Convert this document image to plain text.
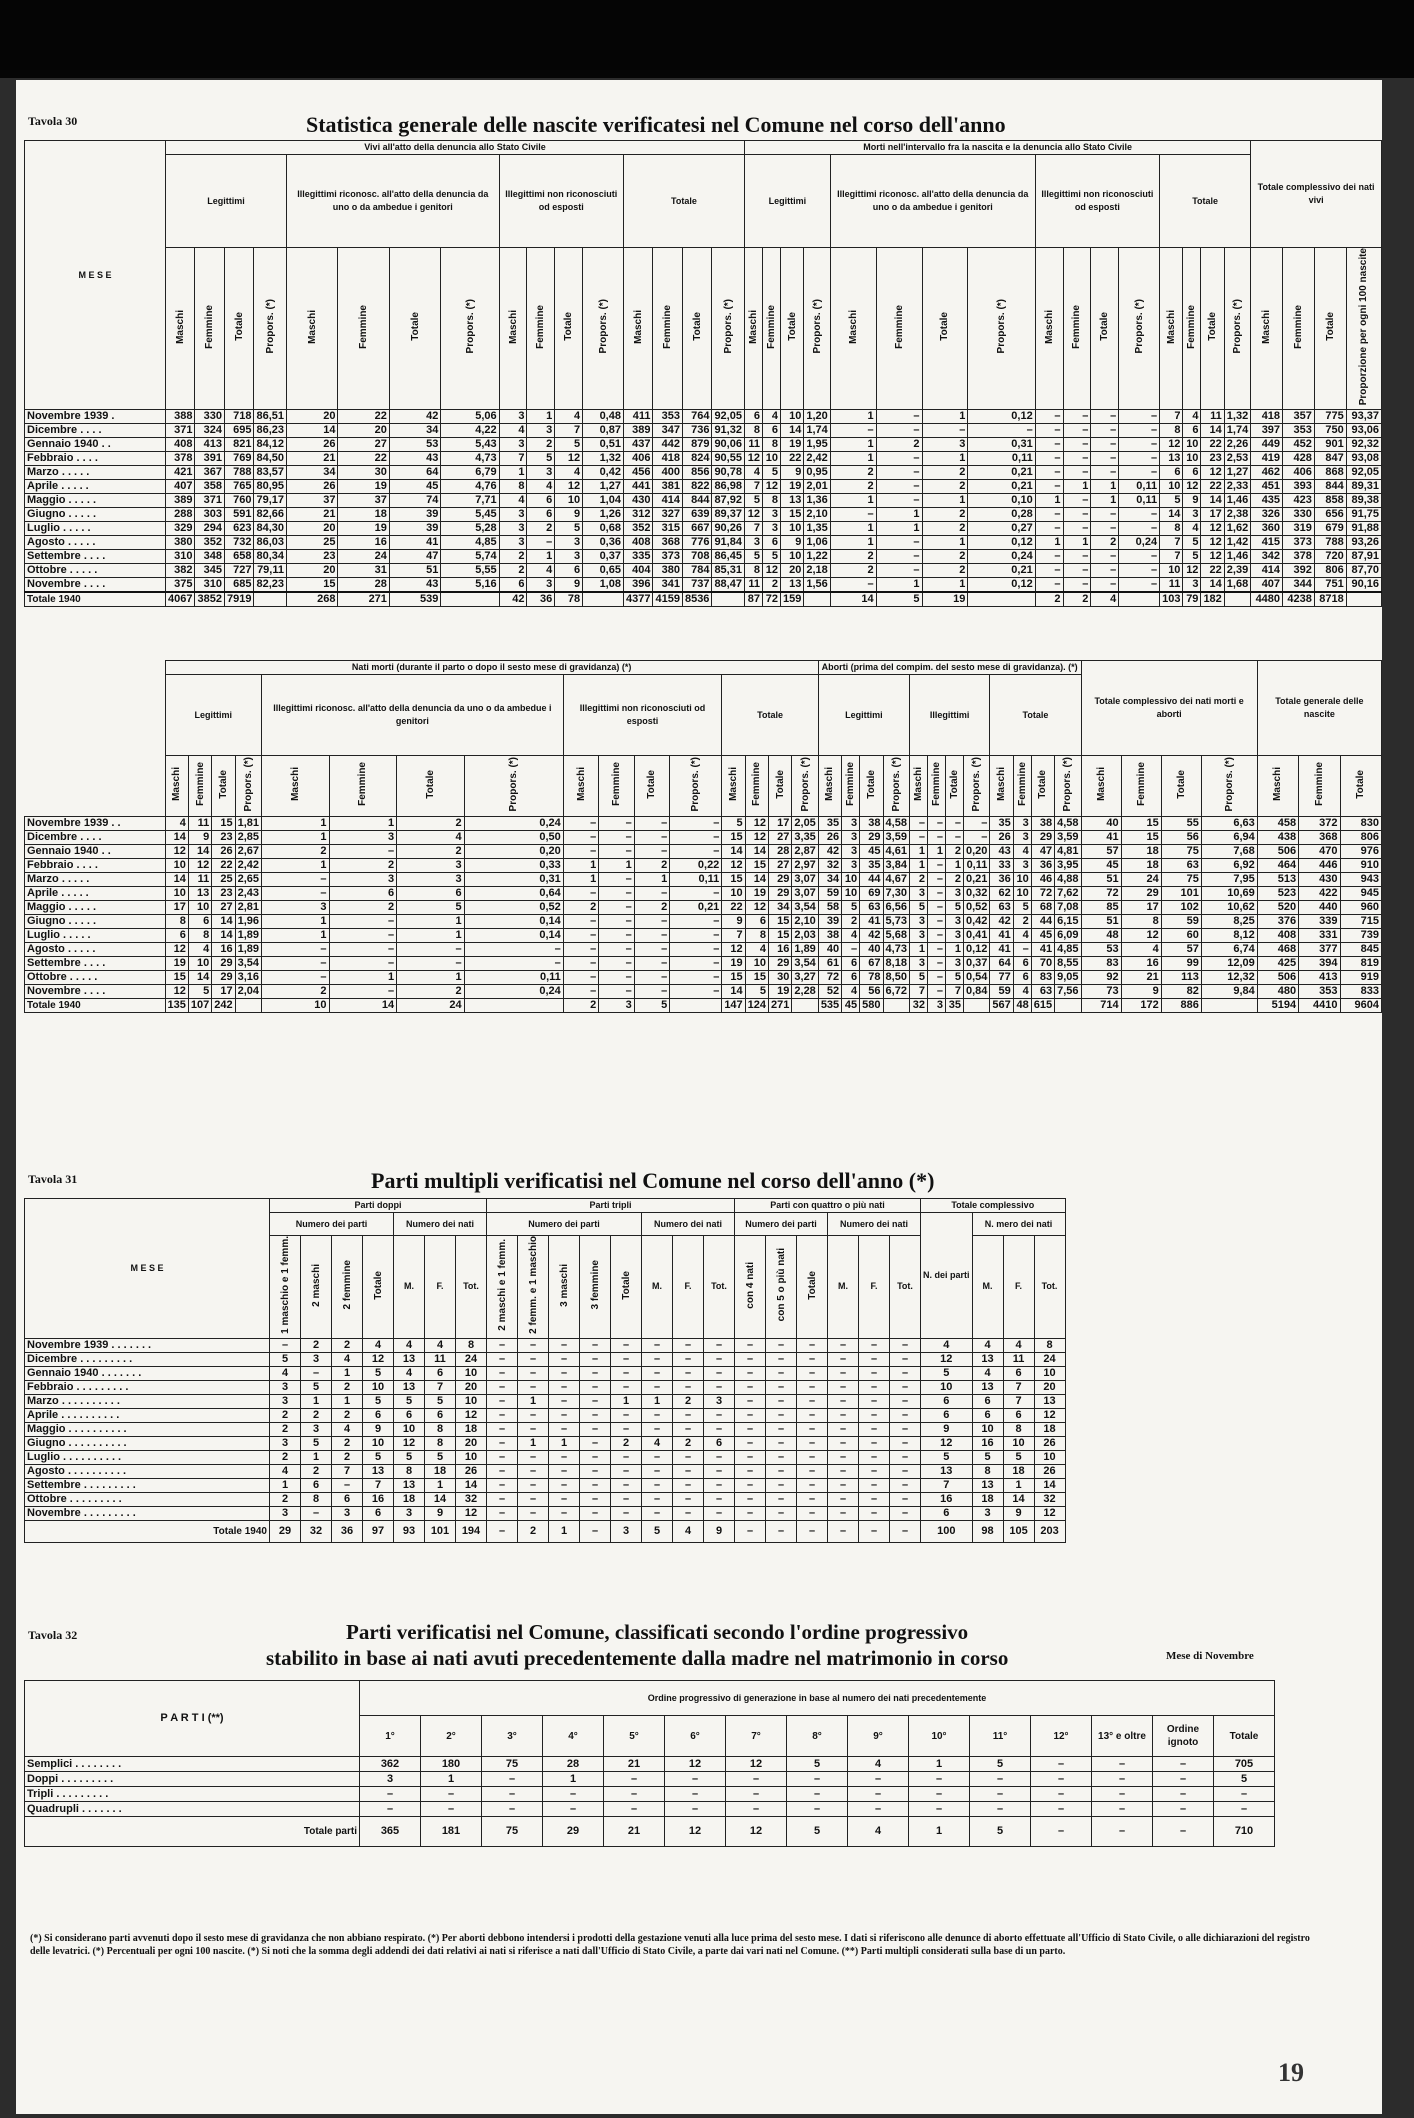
Tavola 30	Statistica generale delle nascite verificatesi nel Comune nel corso dell'anno
M E S E	Vivi all'atto della denuncia allo Stato Civile																Morti nell'intervallo fra la nascita e la denuncia allo Stato Civile																Totale complessivo dei nati vivi			
	Legittimi				Illegittimi riconosc. all'atto della denuncia da uno o da ambedue i genitori				Illegittimi non riconosciuti od esposti				Totale				Legittimi				Illegittimi riconosc. all'atto della denuncia da uno o da ambedue i genitori				Illegittimi non riconosciuti od esposti				Totale							
	Maschi	Femmine	Totale	Propors. (*)	Maschi	Femmine	Totale	Propors. (*)	Maschi	Femmine	Totale	Propors. (*)	Maschi	Femmine	Totale	Propors. (*)	Maschi	Femmine	Totale	Propors. (*)	Maschi	Femmine	Totale	Propors. (*)	Maschi	Femmine	Totale	Propors. (*)	Maschi	Femmine	Totale	Propors. (*)	Maschi	Femmine	Totale	Proporzione per ogni 100 nascite
Novembre 1939 .	388	330	718	86,51	20	22	42	5,06	3	1	4	0,48	411	353	764	92,05	6	4	10	1,20	1	–	1	0,12	–	–	–	–	7	4	11	1,32	418	357	775	93,37
Dicembre . . . .	371	324	695	86,23	14	20	34	4,22	4	3	7	0,87	389	347	736	91,32	8	6	14	1,74	–	–	–	–	–	–	–	–	8	6	14	1,74	397	353	750	93,06
Gennaio 1940 . .	408	413	821	84,12	26	27	53	5,43	3	2	5	0,51	437	442	879	90,06	11	8	19	1,95	1	2	3	0,31	–	–	–	–	12	10	22	2,26	449	452	901	92,32
Febbraio . . . .	378	391	769	84,50	21	22	43	4,73	7	5	12	1,32	406	418	824	90,55	12	10	22	2,42	1	–	1	0,11	–	–	–	–	13	10	23	2,53	419	428	847	93,08
Marzo . . . . .	421	367	788	83,57	34	30	64	6,79	1	3	4	0,42	456	400	856	90,78	4	5	9	0,95	2	–	2	0,21	–	–	–	–	6	6	12	1,27	462	406	868	92,05
Aprile . . . . .	407	358	765	80,95	26	19	45	4,76	8	4	12	1,27	441	381	822	86,98	7	12	19	2,01	2	–	2	0,21	–	1	1	0,11	10	12	22	2,33	451	393	844	89,31
Maggio . . . . .	389	371	760	79,17	37	37	74	7,71	4	6	10	1,04	430	414	844	87,92	5	8	13	1,36	1	–	1	0,10	1	–	1	0,11	5	9	14	1,46	435	423	858	89,38
Giugno . . . . .	288	303	591	82,66	21	18	39	5,45	3	6	9	1,26	312	327	639	89,37	12	3	15	2,10	–	1	2	0,28	–	–	–	–	14	3	17	2,38	326	330	656	91,75
Luglio . . . . .	329	294	623	84,30	20	19	39	5,28	3	2	5	0,68	352	315	667	90,26	7	3	10	1,35	1	1	2	0,27	–	–	–	–	8	4	12	1,62	360	319	679	91,88
Agosto . . . . .	380	352	732	86,03	25	16	41	4,85	3	–	3	0,36	408	368	776	91,84	3	6	9	1,06	1	–	1	0,12	1	1	2	0,24	7	5	12	1,42	415	373	788	93,26
Settembre . . . .	310	348	658	80,34	23	24	47	5,74	2	1	3	0,37	335	373	708	86,45	5	5	10	1,22	2	–	2	0,24	–	–	–	–	7	5	12	1,46	342	378	720	87,91
Ottobre . . . . .	382	345	727	79,11	20	31	51	5,55	2	4	6	0,65	404	380	784	85,31	8	12	20	2,18	2	–	2	0,21	–	–	–	–	10	12	22	2,39	414	392	806	87,70
Novembre . . . .	375	310	685	82,23	15	28	43	5,16	6	3	9	1,08	396	341	737	88,47	11	2	13	1,56	–	1	1	0,12	–	–	–	–	11	3	14	1,68	407	344	751	90,16
Totale 1940	4067	3852	7919		268	271	539		42	36	78		4377	4159	8536		87	72	159		14	5	19		2	2	4		103	79	182		4480	4238	8718	
	Nati morti (durante il parto o dopo il sesto mese di gravidanza) (*)																Aborti (prima del compim. del sesto mese di gravidanza). (*)												Totale complessivo dei nati morti e aborti				Totale generale delle nascite		
	Legittimi				Illegittimi riconosc. all'atto della denuncia da uno o da ambedue i genitori				Illegittimi non riconosciuti od esposti				Totale				Legittimi				Illegittimi				Totale										
	Maschi	Femmine	Totale	Propors. (*)	Maschi	Femmine	Totale	Propors. (*)	Maschi	Femmine	Totale	Propors. (*)	Maschi	Femmine	Totale	Propors. (*)	Maschi	Femmine	Totale	Propors. (*)	Maschi	Femmine	Totale	Propors. (*)	Maschi	Femmine	Totale	Propors. (*)	Maschi	Femmine	Totale	Propors. (*)	Maschi	Femmine	Totale
Novembre 1939 . .	4	11	15	1,81	1	1	2	0,24	–	–	–	–	5	12	17	2,05	35	3	38	4,58	–	–	–	–	35	3	38	4,58	40	15	55	6,63	458	372	830
Dicembre . . . .	14	9	23	2,85	1	3	4	0,50	–	–	–	–	15	12	27	3,35	26	3	29	3,59	–	–	–	–	26	3	29	3,59	41	15	56	6,94	438	368	806
Gennaio 1940 . .	12	14	26	2,67	2	–	2	0,20	–	–	–	–	14	14	28	2,87	42	3	45	4,61	1	1	2	0,20	43	4	47	4,81	57	18	75	7,68	506	470	976
Febbraio . . . .	10	12	22	2,42	1	2	3	0,33	1	1	2	0,22	12	15	27	2,97	32	3	35	3,84	1	–	1	0,11	33	3	36	3,95	45	18	63	6,92	464	446	910
Marzo . . . . .	14	11	25	2,65	–	3	3	0,31	1	–	1	0,11	15	14	29	3,07	34	10	44	4,67	2	–	2	0,21	36	10	46	4,88	51	24	75	7,95	513	430	943
Aprile . . . . .	10	13	23	2,43	–	6	6	0,64	–	–	–	–	10	19	29	3,07	59	10	69	7,30	3	–	3	0,32	62	10	72	7,62	72	29	101	10,69	523	422	945
Maggio . . . . .	17	10	27	2,81	3	2	5	0,52	2	–	2	0,21	22	12	34	3,54	58	5	63	6,56	5	–	5	0,52	63	5	68	7,08	85	17	102	10,62	520	440	960
Giugno . . . . .	8	6	14	1,96	1	–	1	0,14	–	–	–	–	9	6	15	2,10	39	2	41	5,73	3	–	3	0,42	42	2	44	6,15	51	8	59	8,25	376	339	715
Luglio . . . . .	6	8	14	1,89	1	–	1	0,14	–	–	–	–	7	8	15	2,03	38	4	42	5,68	3	–	3	0,41	41	4	45	6,09	48	12	60	8,12	408	331	739
Agosto . . . . .	12	4	16	1,89	–	–	–	–	–	–	–	–	12	4	16	1,89	40	–	40	4,73	1	–	1	0,12	41	–	41	4,85	53	4	57	6,74	468	377	845
Settembre . . . .	19	10	29	3,54	–	–	–	–	–	–	–	–	19	10	29	3,54	61	6	67	8,18	3	–	3	0,37	64	6	70	8,55	83	16	99	12,09	425	394	819
Ottobre . . . . .	15	14	29	3,16	–	1	1	0,11	–	–	–	–	15	15	30	3,27	72	6	78	8,50	5	–	5	0,54	77	6	83	9,05	92	21	113	12,32	506	413	919
Novembre . . . .	12	5	17	2,04	2	–	2	0,24	–	–	–	–	14	5	19	2,28	52	4	56	6,72	7	–	7	0,84	59	4	63	7,56	73	9	82	9,84	480	353	833
Totale 1940	135	107	242		10	14	24		2	3	5		147	124	271		535	45	580		32	3	35		567	48	615		714	172	886		5194	4410	9604
Tavola 31	Parti multipli verificatisi nel Comune nel corso dell'anno (*)
M E S E	Parti doppi							Parti tripli								Parti con quattro o più nati						Totale complessivo			
	Numero dei parti				Numero dei nati			Numero dei parti					Numero dei nati			Numero dei parti			Numero dei nati			N. dei parti	N. mero dei nati		
	1 maschio e 1 femm.	2 maschi	2 femmine	Totale	M.	F.	Tot.	2 maschi e 1 femm.	2 femm. e 1 maschio	3 maschi	3 femmine	Totale	M.	F.	Tot.	con 4 nati	con 5 o più nati	Totale	M.	F.	Tot.		M.	F.	Tot.
Novembre 1939 . . . . . . .	–	2	2	4	4	4	8	–	–	–	–	–	–	–	–	–	–	–	–	–	–	4	4	4	8
Dicembre . . . . . . . . .	5	3	4	12	13	11	24	–	–	–	–	–	–	–	–	–	–	–	–	–	–	12	13	11	24
Gennaio 1940 . . . . . . .	4	–	1	5	4	6	10	–	–	–	–	–	–	–	–	–	–	–	–	–	–	5	4	6	10
Febbraio . . . . . . . . .	3	5	2	10	13	7	20	–	–	–	–	–	–	–	–	–	–	–	–	–	–	10	13	7	20
Marzo . . . . . . . . . .	3	1	1	5	5	5	10	–	1	–	–	1	1	2	3	–	–	–	–	–	–	6	6	7	13
Aprile . . . . . . . . . .	2	2	2	6	6	6	12	–	–	–	–	–	–	–	–	–	–	–	–	–	–	6	6	6	12
Maggio . . . . . . . . . .	2	3	4	9	10	8	18	–	–	–	–	–	–	–	–	–	–	–	–	–	–	9	10	8	18
Giugno . . . . . . . . . .	3	5	2	10	12	8	20	–	1	1	–	2	4	2	6	–	–	–	–	–	–	12	16	10	26
Luglio . . . . . . . . . .	2	1	2	5	5	5	10	–	–	–	–	–	–	–	–	–	–	–	–	–	–	5	5	5	10
Agosto . . . . . . . . . .	4	2	7	13	8	18	26	–	–	–	–	–	–	–	–	–	–	–	–	–	–	13	8	18	26
Settembre . . . . . . . . .	1	6	–	7	13	1	14	–	–	–	–	–	–	–	–	–	–	–	–	–	–	7	13	1	14
Ottobre . . . . . . . . .	2	8	6	16	18	14	32	–	–	–	–	–	–	–	–	–	–	–	–	–	–	16	18	14	32
Novembre . . . . . . . . .	3	–	3	6	3	9	12	–	–	–	–	–	–	–	–	–	–	–	–	–	–	6	3	9	12
Totale 1940	29	32	36	97	93	101	194	–	2	1	–	3	5	4	9	–	–	–	–	–	–	100	98	105	203
Tavola 32	Parti verificatisi nel Comune, classificati secondo l'ordine progressivo
stabilito in base ai nati avuti precedentemente dalla madre nel matrimonio in corso	Mese di Novembre
P A R T I (**)	Ordine progressivo di generazione in base al numero dei nati precedentemente														
	1°	2°	3°	4°	5°	6°	7°	8°	9°	10°	11°	12°	13° e oltre	Ordine ignoto	Totale
Semplici . . . . . . . .	362	180	75	28	21	12	12	5	4	1	5	–	–	–	705
Doppi . . . . . . . . .	3	1	–	1	–	–	–	–	–	–	–	–	–	–	5
Tripli . . . . . . . . .	–	–	–	–	–	–	–	–	–	–	–	–	–	–	–
Quadrupli . . . . . . .	–	–	–	–	–	–	–	–	–	–	–	–	–	–	–
Totale parti	365	181	75	29	21	12	12	5	4	1	5	–	–	–	710
(*) Si considerano parti avvenuti dopo il sesto mese di gravidanza che non abbiano respirato. (*) Per aborti debbono intendersi i prodotti della gestazione venuti alla luce prima del sesto mese. I dati si riferiscono alle denunce di aborto effettuate all'Ufficio di Stato Civile, o alle dichiarazioni del registro delle levatrici. (*) Percentuali per ogni 100 nascite. (*) Si noti che la somma degli addendi dei dati relativi ai nati si riferisce a nati dall'Ufficio di Stato Civile, a parte dai vari nati nel Comune. (**) Parti multipli considerati sulla base di un parto.
19
